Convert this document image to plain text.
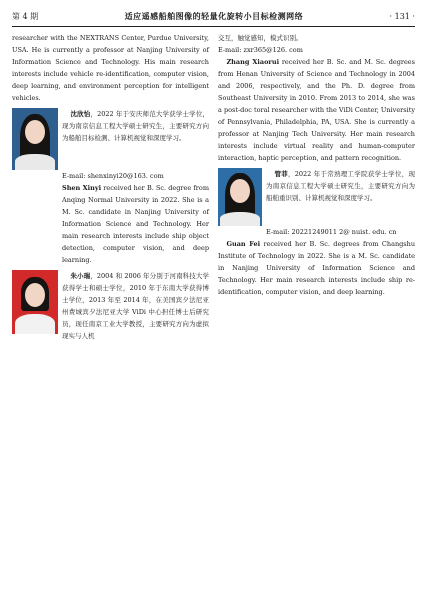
第 4 期	适应遥感船舶图像的轻量化旋转小目标检测网络	· 131 ·

researcher with the NEXTRANS Center, Purdue University, USA. He is currently a professor at Nanjing University of Information Science and Technology. His main research interests include vehicle re-identification, computer vision, deep learning, and environment perception for intelligent vehicles.

沈欣怡，2022 年于安庆师范大学获学士学位，现为南京信息工程大学硕士研究生，主要研究方向为船舶目标检测、计算机视觉和深度学习。

E-mail: shenxinyi20@163. com

Shen Xinyi received her B. Sc. degree from Anqing Normal University in 2022. She is a M. Sc. candidate in Nanjing University of Information Science and Technology. Her main research interests include ship object detection, computer vision, and deep learning.

朱小瑞，2004 和 2006 年分别于河南科技大学获得学士和硕士学位，2010 年于东南大学获得博士学位，2013 年至 2014 年，在美国宾夕法尼亚州费城宾夕法尼亚大学 ViDi 中心担任博士后研究员，现任南京工业大学教授，主要研究方向为虚拟现实与人机

交互，触觉感知，模式识别。

E-mail: zxr365@126. com

Zhang Xiaorui received her B. Sc. and M. Sc. degrees from Henan University of Science and Technology in 2004 and 2006, respectively, and the Ph. D. degree from Southeast University in 2010. From 2013 to 2014, she was a post-doc toral researcher with the ViDi Center, University of Pennsylvania, Philadelphia, PA, USA. She is currently a professor at Nanjing Tech University. Her main research interests include virtual reality and human-computer interaction, haptic perception, and pattern recognition.

管菲，2022 年于常熟理工学院获学士学位，现为南京信息工程大学硕士研究生，主要研究方向为船舶重识别、计算机视觉和深度学习。

E-mail: 20221249011 2@ nuist. edu. cn

Guan Fei received her B. Sc. degrees from Changshu Institute of Technology in 2022. She is a M. Sc. candidate in Nanjing University of Information Science and Technology. Her main research interests include ship re-identification, computer vision, and deep learning.
